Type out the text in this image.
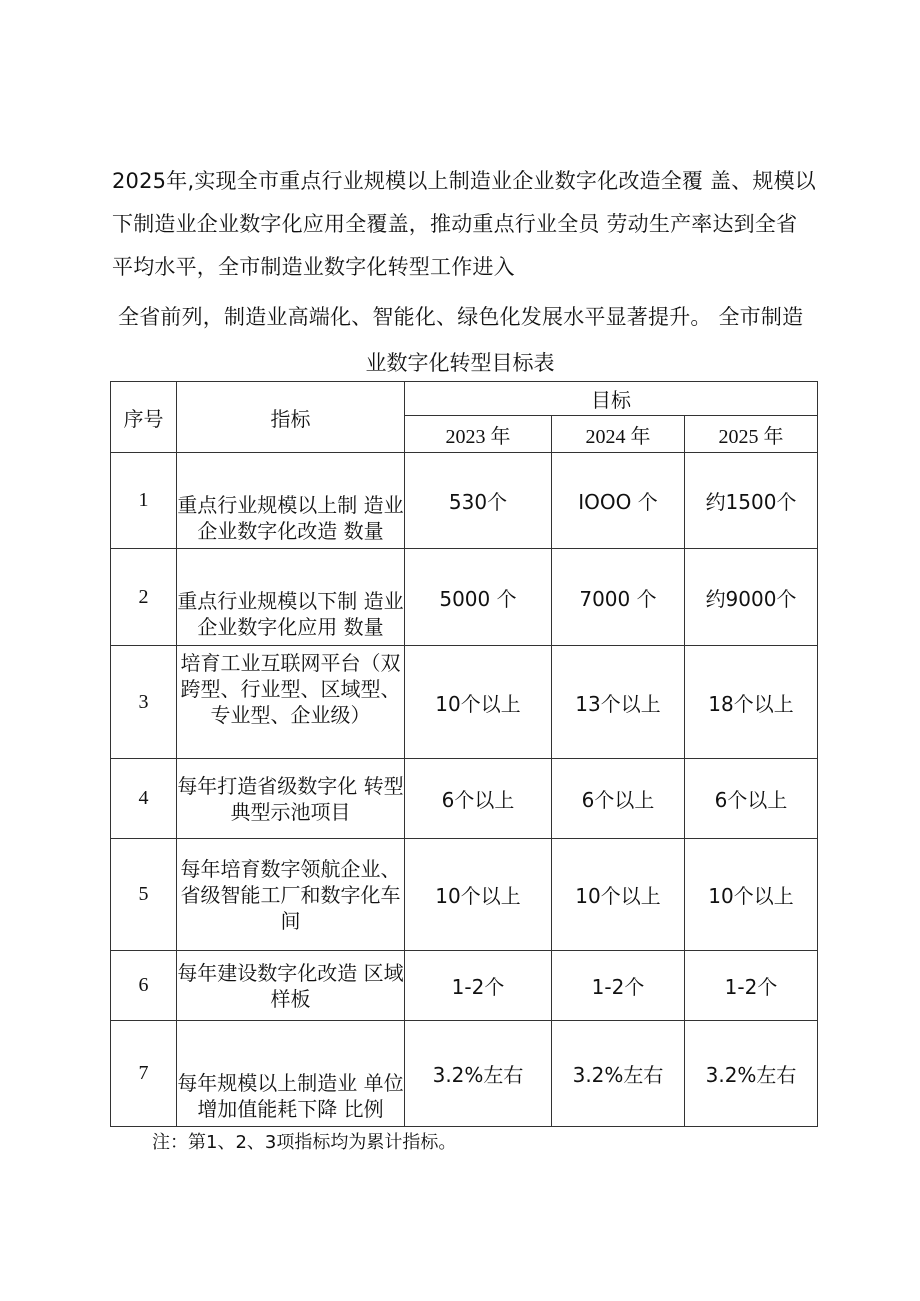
2025年,实现全市重点行业规模以上制造业企业数字化改造全覆 盖、规模以
下制造业企业数字化应用全覆盖，推动重点行业全员 劳动生产率达到全省
平均水平，全市制造业数字化转型工作进入
全省前列，制造业高端化、智能化、绿色化发展水平显著提升。 全市制造
业数字化转型目标表
序号	指标	目标		
		2023 年	2024 年	2025 年
1	重点行业规模以上制 造业企业数字化改造 数量	530个	IOOO 个	约1500个
2	重点行业规模以下制 造业企业数字化应用 数量	5000 个	7000 个	约9000个
3	培育工业互联网平台（双跨型、行业型、区域型、专业型、企业级）	10个以上	13个以上	18个以上
4	每年打造省级数字化 转型典型示池项目	6个以上	6个以上	6个以上
5	每年培育数字领航企业、省级智能工厂和数字化车间	10个以上	10个以上	10个以上
6	每年建设数字化改造 区域样板	1-2个	1-2个	1-2个
7	每年规模以上制造业 单位增加值能耗下降 比例	3.2%左右	3.2%左右	3.2%左右
注：第1、2、3项指标均为累计指标。
